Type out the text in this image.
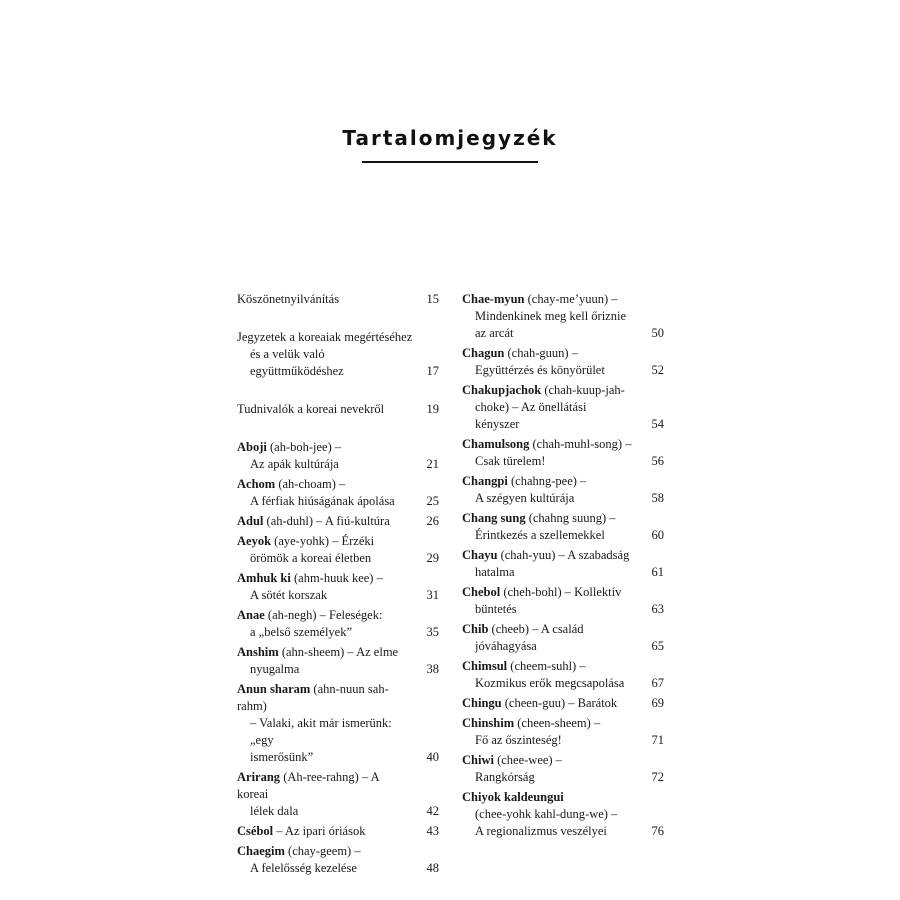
Tartalomjegyzék
Köszönetnyilvánítás	15
Jegyzetek a koreaiak megértéséhez
és a velük való
együttműködéshez	17
Tudnivalók a koreai nevekről	19
Aboji (ah-boh-jee) –
Az apák kultúrája	21
Achom (ah-choam) –
A férfiak hiúságának ápolása	25
Adul (ah-duhl) – A fiú-kultúra	26
Aeyok (aye-yohk) – Érzéki
örömök a koreai életben	29
Amhuk ki (ahm-huuk kee) –
A sötét korszak	31
Anae (ah-negh) – Feleségek:
a „belső személyek”	35
Anshim (ahn-sheem) – Az elme
nyugalma	38
Anun sharam (ahn-nuun sah-rahm)
– Valaki, akit már ismerünk: „egy
ismerősünk”	40
Arirang (Ah-ree-rahng) – A koreai
lélek dala	42
Csébol – Az ipari óriások	43
Chaegim (chay-geem) –
A felelősség kezelése	48
Chae-myun (chay-me’yuun) –
Mindenkinek meg kell őriznie
az arcát	50
Chagun (chah-guun) –
Együttérzés és könyörület	52
Chakupjachok (chah-kuup-jah-
choke) – Az önellátási
kényszer	54
Chamulsong (chah-muhl-song) –
Csak türelem!	56
Changpi (chahng-pee) –
A szégyen kultúrája	58
Chang sung (chahng suung) –
Érintkezés a szellemekkel	60
Chayu (chah-yuu) – A szabadság
hatalma	61
Chebol (cheh-bohl) – Kollektív
büntetés	63
Chib (cheeb) – A család
jóváhagyása	65
Chimsul (cheem-suhl) –
Kozmikus erők megcsapolása	67
Chingu (cheen-guu) – Barátok	69
Chinshim (cheen-sheem) –
Fő az őszinteség!	71
Chiwi (chee-wee) –
Rangkórság	72
Chiyok kaldeungui
(chee-yohk kahl-dung-we) –
A regionalizmus veszélyei	76
